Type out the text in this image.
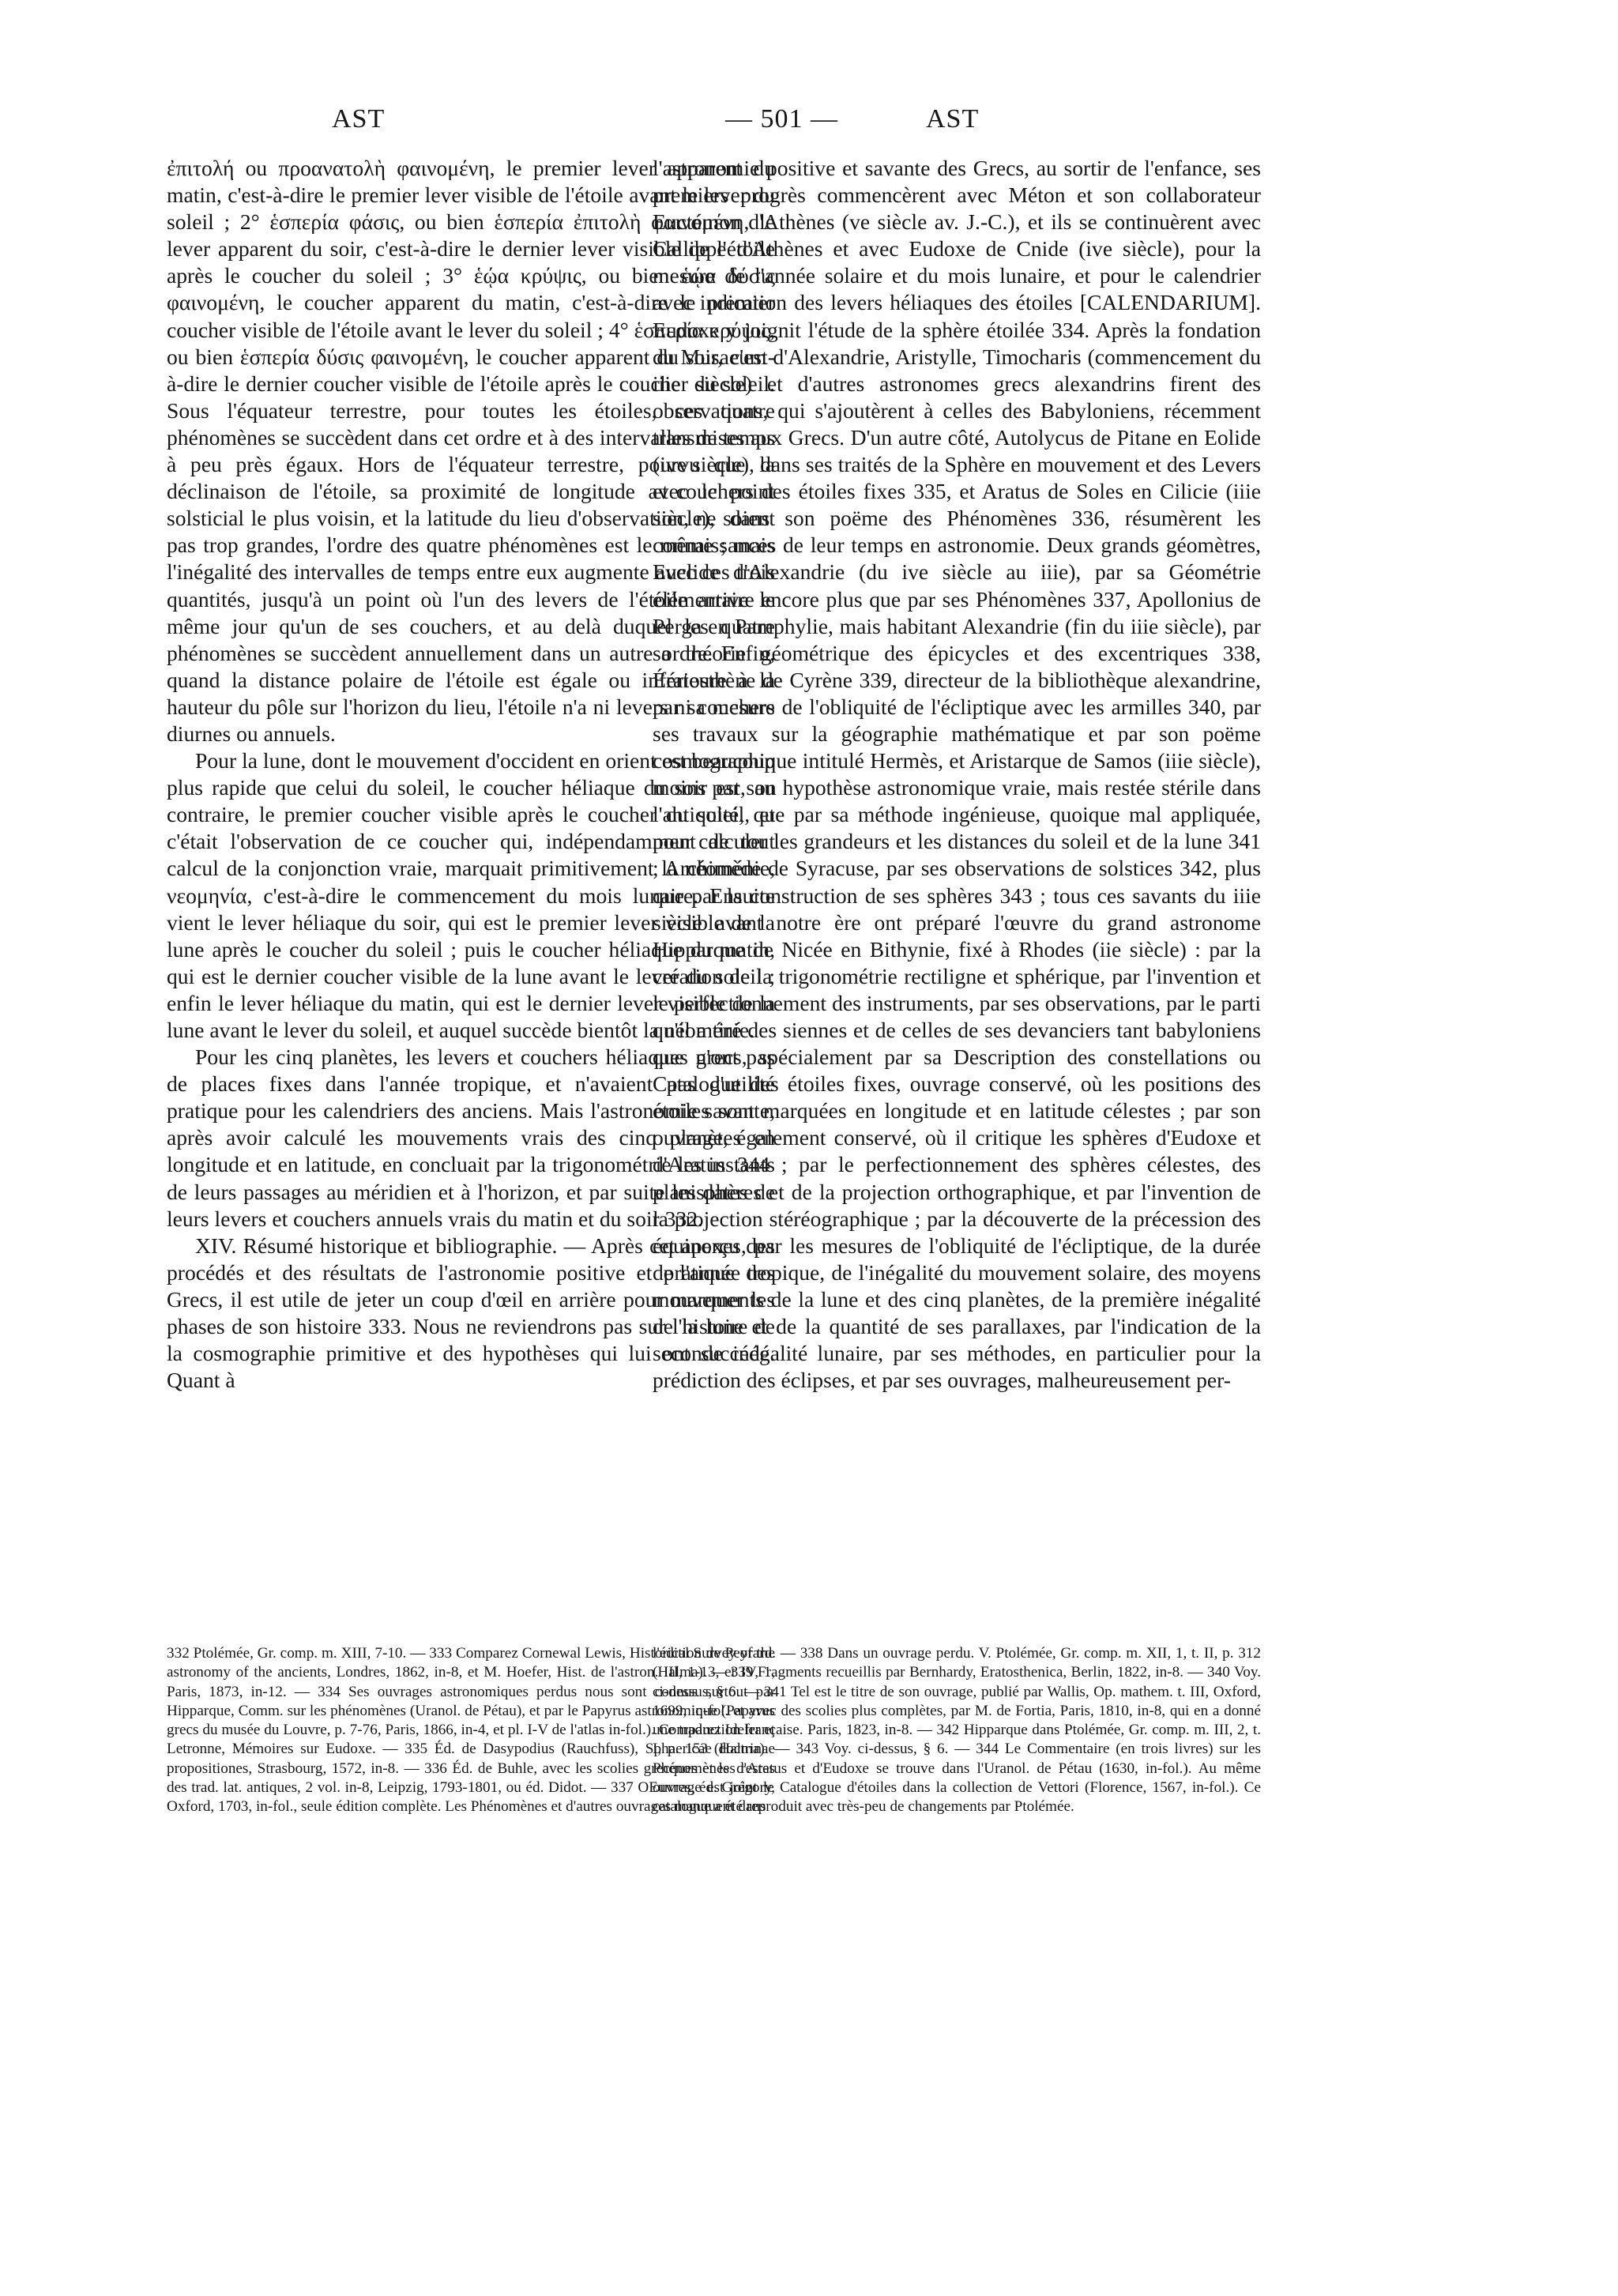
AST	— 501 —	AST

ἐπιτολή ou προανατολὴ φαινομένη, le premier lever apparent du matin, c'est-à-dire le premier lever visible de l'étoile avant le lever du soleil ; 2° ἑσπερία φάσις, ou bien ἑσπερία ἐπιτολὴ φαινομένη, le lever apparent du soir, c'est-à-dire le dernier lever visible de l'étoile après le coucher du soleil ; 3° ἑῴα κρύψις, ou bien ἑῴα δύσις φαινομένη, le coucher apparent du matin, c'est-à-dire le premier coucher visible de l'étoile avant le lever du soleil ; 4° ἑσπερία κρύψις, ou bien ἑσπερία δύσις φαινομένη, le coucher apparent du soir, c'est-à-dire le dernier coucher visible de l'étoile après le coucher du soleil. Sous l'équateur terrestre, pour toutes les étoiles, ces quatre phénomènes se succèdent dans cet ordre et à des intervalles de temps à peu près égaux. Hors de l'équateur terrestre, pourvu que la déclinaison de l'étoile, sa proximité de longitude avec le point solsticial le plus voisin, et la latitude du lieu d'observation, ne soient pas trop grandes, l'ordre des quatre phénomènes est le même ; mais l'inégalité des intervalles de temps entre eux augmente avec ces trois quantités, jusqu'à un point où l'un des levers de l'étoile arrive le même jour qu'un de ses couchers, et au delà duquel les quatre phénomènes se succèdent annuellement dans un autre ordre. Enfin, quand la distance polaire de l'étoile est égale ou inférieure à la hauteur du pôle sur l'horizon du lieu, l'étoile n'a ni levers ni couchers diurnes ou annuels.

Pour la lune, dont le mouvement d'occident en orient est beaucoup plus rapide que celui du soleil, le coucher héliaque du soir est, au contraire, le premier coucher visible après le coucher du soleil, et c'était l'observation de ce coucher qui, indépendamment de tout calcul de la conjonction vraie, marquait primitivement la néoménie, νεομηνία, c'est-à-dire le commencement du mois lunaire. Ensuite vient le lever héliaque du soir, qui est le premier lever visible de la lune après le coucher du soleil ; puis le coucher héliaque du matin, qui est le dernier coucher visible de la lune avant le lever du soleil ; enfin le lever héliaque du matin, qui est le dernier lever visible de la lune avant le lever du soleil, et auquel succède bientôt la néoménie.

Pour les cinq planètes, les levers et couchers héliaques n'ont pas de places fixes dans l'année tropique, et n'avaient pas d'utilité pratique pour les calendriers des anciens. Mais l'astronomie savante, après avoir calculé les mouvements vrais des cinq planètes en longitude et en latitude, en concluait par la trigonométrie les instants de leurs passages au méridien et à l'horizon, et par suite les dates de leurs levers et couchers annuels vrais du matin et du soir 332.

XIV. Résumé historique et bibliographie. — Après cet aperçu des procédés et des résultats de l'astronomie positive et pratique des Grecs, il est utile de jeter un coup d'œil en arrière pour marquer les phases de son histoire 333. Nous ne reviendrons pas sur l'histoire de la cosmographie primitive et des hypothèses qui lui ont succédé. Quant à

l'astronomie positive et savante des Grecs, au sortir de l'enfance, ses premiers progrès commencèrent avec Méton et son collaborateur Euctémon d'Athènes (ve siècle av. J.-C.), et ils se continuèrent avec Callippe d'Athènes et avec Eudoxe de Cnide (ive siècle), pour la mesure de l'année solaire et du mois lunaire, et pour le calendrier avec indication des levers héliaques des étoiles [CALENDARIUM]. Eudoxe y joignit l'étude de la sphère étoilée 334. Après la fondation du Musaeum d'Alexandrie, Aristylle, Timocharis (commencement du iiie siècle) et d'autres astronomes grecs alexandrins firent des observations, qui s'ajoutèrent à celles des Babyloniens, récemment transmises aux Grecs. D'un autre côté, Autolycus de Pitane en Eolide (ive siècle), dans ses traités de la Sphère en mouvement et des Levers et couchers des étoiles fixes 335, et Aratus de Soles en Cilicie (iiie siècle), dans son poëme des Phénomènes 336, résumèrent les connaissances de leur temps en astronomie. Deux grands géomètres, Euclide d'Alexandrie (du ive siècle au iiie), par sa Géométrie élémentaire encore plus que par ses Phénomènes 337, Apollonius de Perga en Pamphylie, mais habitant Alexandrie (fin du iiie siècle), par sa théorie géométrique des épicycles et des excentriques 338, Ératosthène de Cyrène 339, directeur de la bibliothèque alexandrine, par sa mesure de l'obliquité de l'écliptique avec les armilles 340, par ses travaux sur la géographie mathématique et par son poëme cosmographique intitulé Hermès, et Aristarque de Samos (iiie siècle), moins par son hypothèse astronomique vraie, mais restée stérile dans l'antiquité, que par sa méthode ingénieuse, quoique mal appliquée, pour calculer les grandeurs et les distances du soleil et de la lune 341 ; Archimède de Syracuse, par ses observations de solstices 342, plus que par la construction de ses sphères 343 ; tous ces savants du iiie siècle avant notre ère ont préparé l'œuvre du grand astronome Hipparque de Nicée en Bithynie, fixé à Rhodes (iie siècle) : par la création de la trigonométrie rectiligne et sphérique, par l'invention et le perfectionnement des instruments, par ses observations, par le parti qu'il a tiré des siennes et de celles de ses devanciers tant babyloniens que grecs, spécialement par sa Description des constellations ou Catalogue des étoiles fixes, ouvrage conservé, où les positions des étoiles sont marquées en longitude et en latitude célestes ; par son ouvrage, également conservé, où il critique les sphères d'Eudoxe et d'Aratus 344 ; par le perfectionnement des sphères célestes, des planisphères et de la projection orthographique, et par l'invention de la projection stéréographique ; par la découverte de la précession des équinoxes, par les mesures de l'obliquité de l'écliptique, de la durée de l'année tropique, de l'inégalité du mouvement solaire, des moyens mouvements de la lune et des cinq planètes, de la première inégalité de la lune et de la quantité de ses parallaxes, par l'indication de la seconde inégalité lunaire, par ses méthodes, en particulier pour la prédiction des éclipses, et par ses ouvrages, malheureusement per-

332 Ptolémée, Gr. comp. m. XIII, 7-10. — 333 Comparez Cornewal Lewis, Historical Survey of the astronomy of the ancients, Londres, 1862, in-8, et M. Hoefer, Hist. de l'astron. III, 1-13, et IV, 1, Paris, 1873, in-12. — 334 Ses ouvrages astronomiques perdus nous sont connus surtout par Hipparque, Comm. sur les phénomènes (Uranol. de Pétau), et par le Papyrus astronomique (Papyrus grecs du musée du Louvre, p. 7-76, Paris, 1866, in-4, et pl. I-V de l'atlas in-fol.). Comparez Ideler et Letronne, Mémoires sur Eudoxe. — 335 Éd. de Dasypodius (Rauchfuss), Sphaericae doctrinae propositiones, Strasbourg, 1572, in-8. — 336 Éd. de Buhle, avec les scolies grecques et les restes des trad. lat. antiques, 2 vol. in-8, Leipzig, 1793-1801, ou éd. Didot. — 337 OEuvres, éd. Grégory, Oxford, 1703, in-fol., seule édition complète. Les Phénomènes et d'autres ouvrages manquent dans

l'édition de Peyrard. — 338 Dans un ouvrage perdu. V. Ptolémée, Gr. comp. m. XII, 1, t. II, p. 312 (Halma). — 339 Fragments recueillis par Bernhardy, Eratosthenica, Berlin, 1822, in-8. — 340 Voy. ci-dessus, § 6. — 341 Tel est le titre de son ouvrage, publié par Wallis, Op. mathem. t. III, Oxford, 1699, in-fol. et avec des scolies plus complètes, par M. de Fortia, Paris, 1810, in-8, qui en a donné une traduction française. Paris, 1823, in-8. — 342 Hipparque dans Ptolémée, Gr. comp. m. III, 2, t. I, p. 153 (Halma). — 343 Voy. ci-dessus, § 6. — 344 Le Commentaire (en trois livres) sur les Phénomènes d'Aratus et d'Eudoxe se trouve dans l'Uranol. de Pétau (1630, in-fol.). Au même ouvrage est joint le Catalogue d'étoiles dans la collection de Vettori (Florence, 1567, in-fol.). Ce catalogue a été reproduit avec très-peu de changements par Ptolémée.
